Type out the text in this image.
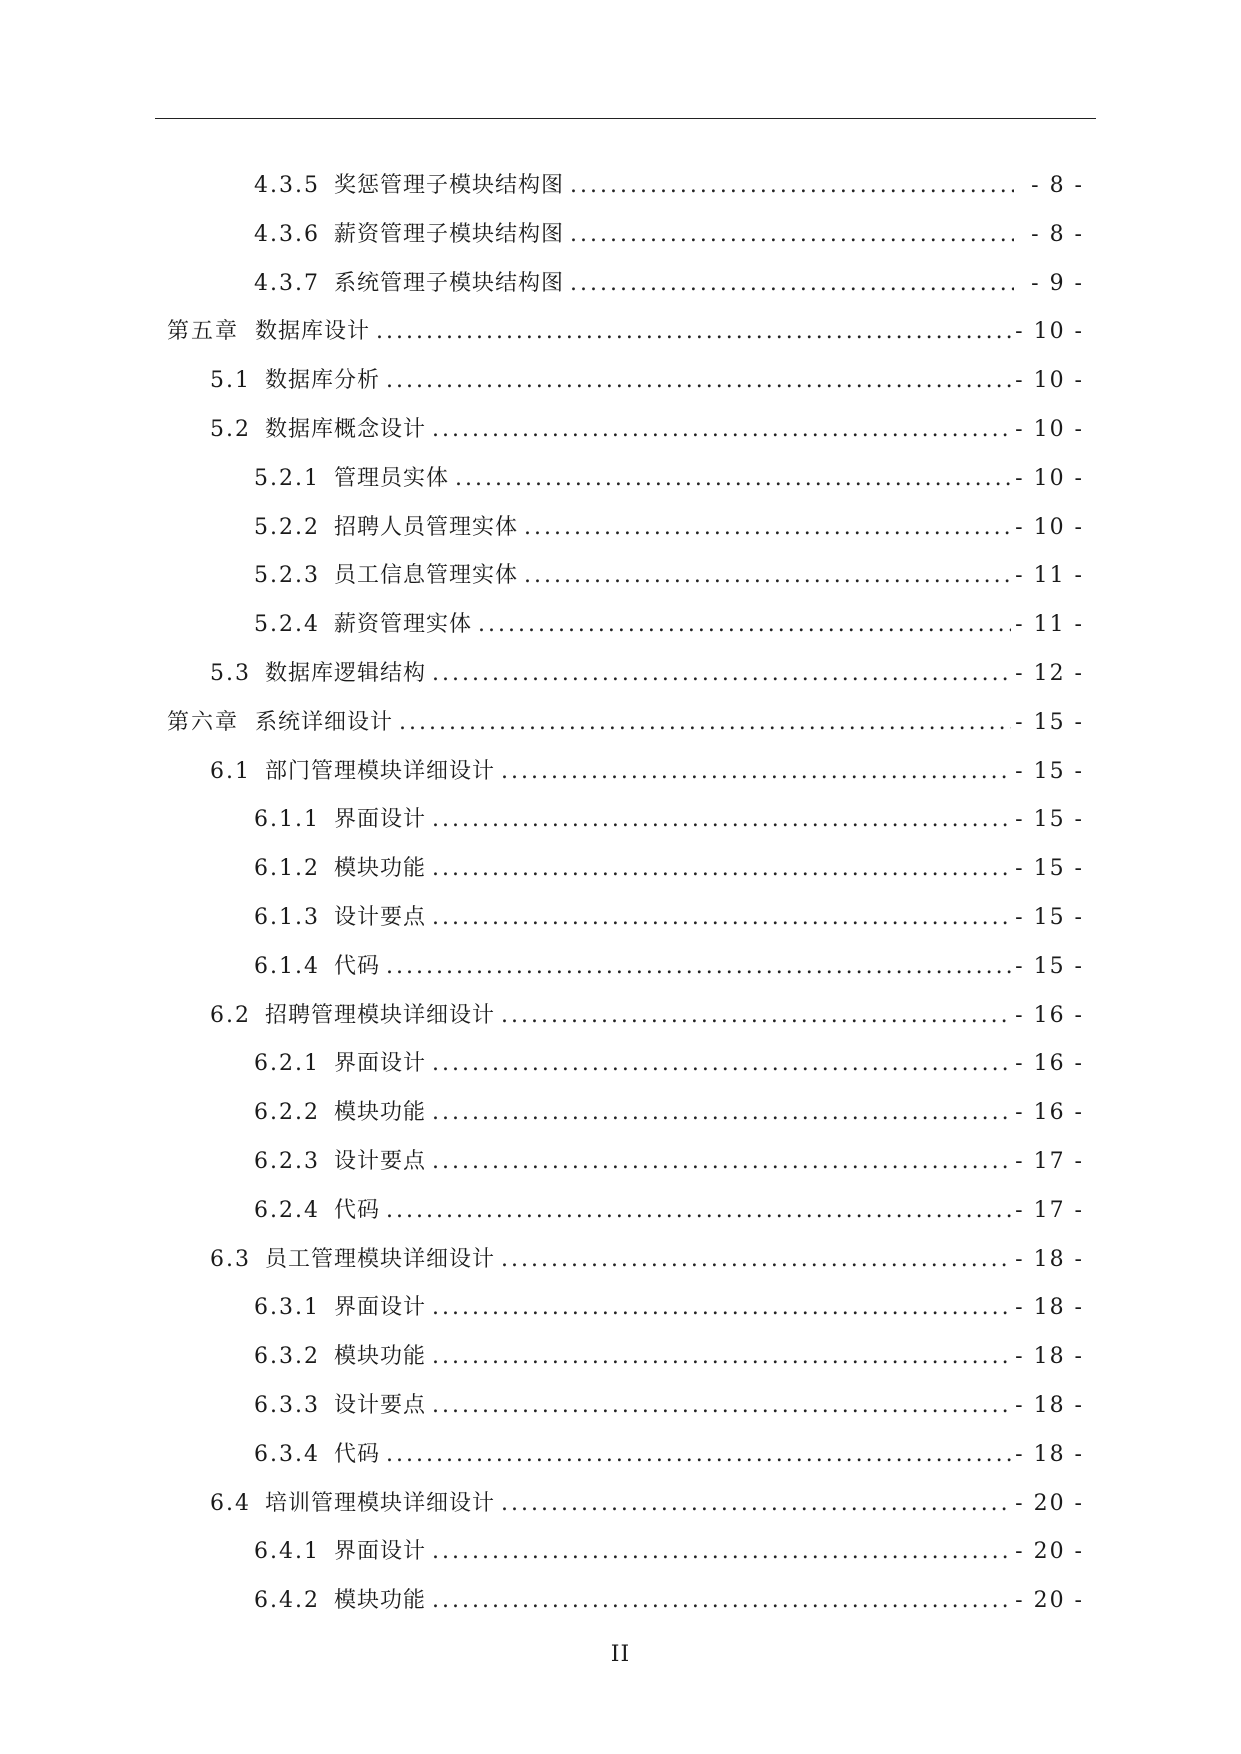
4.3.5 奖惩管理子模块结构图 .....	- 8 -
4.3.6 薪资管理子模块结构图 .....	- 8 -
4.3.7 系统管理子模块结构图 .....	- 9 -
第五章 数据库设计 .....	- 10 -
5.1 数据库分析 .....	- 10 -
5.2 数据库概念设计 .....	- 10 -
5.2.1 管理员实体 .....	- 10 -
5.2.2 招聘人员管理实体 .....	- 10 -
5.2.3 员工信息管理实体 .....	- 11 -
5.2.4 薪资管理实体 .....	- 11 -
5.3 数据库逻辑结构 .....	- 12 -
第六章 系统详细设计 .....	- 15 -
6.1 部门管理模块详细设计 .....	- 15 -
6.1.1 界面设计 .....	- 15 -
6.1.2 模块功能 .....	- 15 -
6.1.3 设计要点 .....	- 15 -
6.1.4 代码 .....	- 15 -
6.2 招聘管理模块详细设计 .....	- 16 -
6.2.1 界面设计 .....	- 16 -
6.2.2 模块功能 .....	- 16 -
6.2.3 设计要点 .....	- 17 -
6.2.4 代码 .....	- 17 -
6.3 员工管理模块详细设计 .....	- 18 -
6.3.1 界面设计 .....	- 18 -
6.3.2 模块功能 .....	- 18 -
6.3.3 设计要点 .....	- 18 -
6.3.4 代码 .....	- 18 -
6.4 培训管理模块详细设计 .....	- 20 -
6.4.1 界面设计 .....	- 20 -
6.4.2 模块功能 .....	- 20 -
II
